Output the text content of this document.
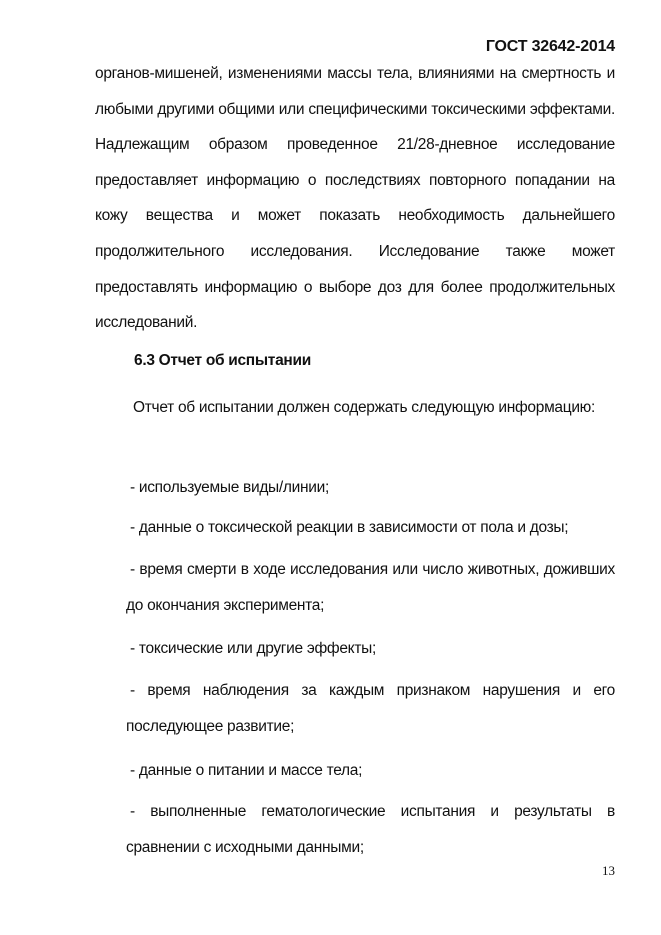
ГОСТ 32642-2014
органов-мишеней, изменениями массы тела, влияниями на смертность и любыми другими общими или специфическими токсическими эффектами. Надлежащим образом проведенное 21/28-дневное исследование предоставляет информацию о последствиях повторного попадании на кожу вещества и может показать необходимость дальнейшего продолжительного исследования. Исследование также может предоставлять информацию о выборе доз для более продолжительных исследований.
6.3 Отчет об испытании
Отчет об испытании должен содержать следующую информацию:
- используемые виды/линии;
- данные о токсической реакции в зависимости от пола и дозы;
- время смерти в ходе исследования или число животных, доживших до окончания эксперимента;
- токсические или другие эффекты;
- время наблюдения за каждым признаком нарушения и его последующее развитие;
- данные о питании и массе тела;
- выполненные гематологические испытания и результаты в сравнении с исходными данными;
13
